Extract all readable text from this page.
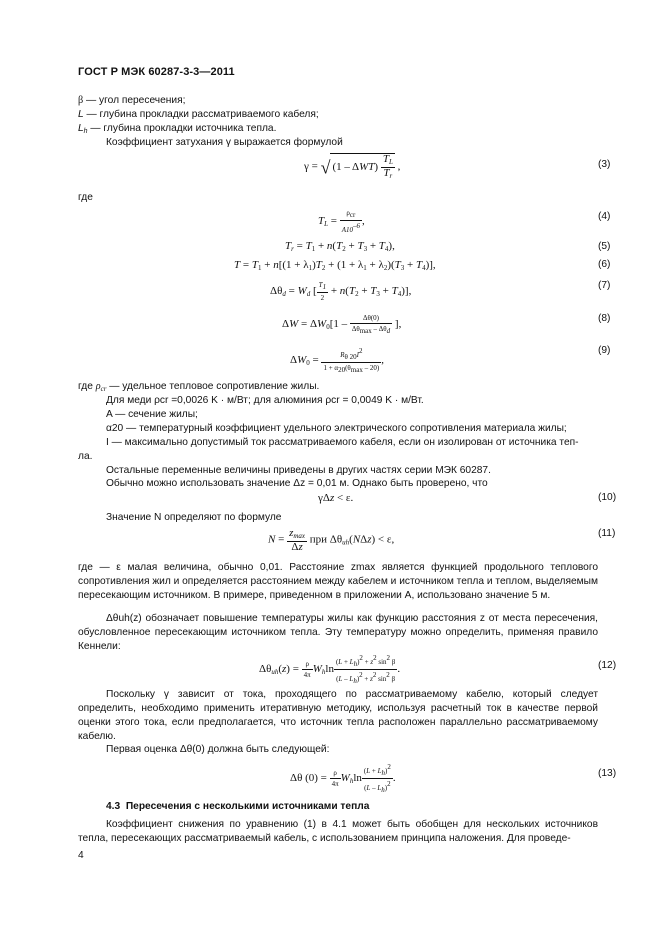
ГОСТ Р МЭК 60287-3-3—2011
β — угол пересечения;
L — глубина прокладки рассматриваемого кабеля;
$L_h$ — глубина прокладки источника тепла.
Коэффициент затухания γ выражается формулой
γ = √ $(1 - \Delta WT) \frac{T_L}{T_r}$ ,	(3)
где
$T_L = \frac{\text{ρcr}}{A10-6}$ ,	(4)
$T_r = T_1 + n(T_2 + T_3 + T_4)$,	(5)
$T = T_1 + n[(1 + \lambda_1)T_2 + (1 + \lambda_1 + \lambda_2)(T_3 + T_4)]$,	(6)
$\Delta\theta_d = W_d$ [ $\frac{T1}{2} + n(T_2 + T_3 + T_4)$],	(7)
$\Delta W = \Delta W_0[1 - \frac{\Delta\theta(0)}{\text{Δθmax – Δθd}}$ ],	(8)
$\Delta W_0 = \frac{R\theta 20I2}{1 + \alpha 20(\theta\max - 20)}$ ,
(9)
где $\rho_{cr}$ — удельное тепловое сопротивление жилы.
Для меди ρcr =0,0026 K · м/Вт; для алюминия ρcr = 0,0049 K · м/Вт.
A — сечение жилы;
α20 — температурный коэффициент удельного электрического сопротивления материала жилы;
I — максимально допустимый ток рассматриваемого кабеля, если он изолирован от источника теп-
ла.
Остальные переменные величины приведены в других частях серии МЭК 60287.
Обычно можно использовать значение Δz = 0,01 м. Однако быть проверено, что
γΔz < ε.	(10)
Значение N определяют по формуле
$N = \frac{z_{max}}{\Delta z}$ при $\Delta\theta_{uh}(N\Delta z) < \varepsilon$,
(11)
где — ε малая величина, обычно 0,01. Расстояние zmax является функцией продольного теплового сопротивления жил и определяется расстоянием между кабелем и источником тепла и теплом, выделяемым пересекающим источником. В примере, приведенном в приложении A, использовано значение 5 м.
Δθuh(z) обозначает повышение температуры жилы как функцию расстояния z от места пересечения, обусловленное пересекающим источником тепла. Эту температуру можно определить, применяя правило Кеннели:
$\Delta\theta_{uh}(z) = \frac{\rho}{4\pi} W_h\ln \frac{(L + Lh)2 + z2 \sin 2 \beta}{(L - Lh)2 + z2 \sin 2 \beta}$ .	(12)
Поскольку γ зависит от тока, проходящего по рассматриваемому кабелю, который следует определить, необходимо применить итеративную методику, используя расчетный ток в качестве первой оценки этого тока, если предполагается, что источник тепла расположен параллельно рассматриваемому кабелю.
Первая оценка Δθ(0) должна быть следующей:
Δθ $(0) = \frac{\rho}{4\pi} W_h\ln \frac{(L + Lh)2}{(L - Lh)2}$ .	(13)
4.3 Пересечения с несколькими источниками тепла
Коэффициент снижения по уравнению (1) в 4.1 может быть обобщен для нескольких источников тепла, пересекающих рассматриваемый кабель, с использованием принципа наложения. Для проведе-
4
